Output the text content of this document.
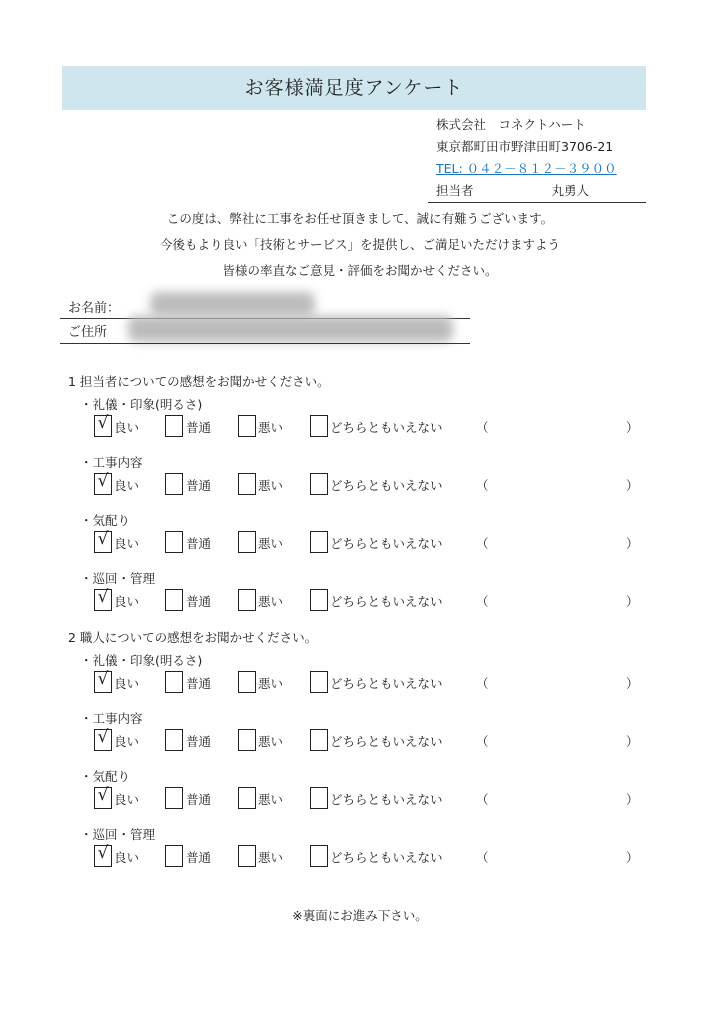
お客様満足度アンケート
株式会社　コネクトハート
東京都町田市野津田町3706-21
TEL: ０４２－８１２－３９００
担当者	丸勇人
この度は、弊社に工事をお任せ頂きまして、誠に有難うございます。
今後もより良い「技術とサービス」を提供し、ご満足いただけますよう
皆様の率直なご意見・評価をお聞かせください。
お名前：
ご住所
1 担当者についての感想をお聞かせください。
・礼儀・印象(明るさ)
√ 良い	普通	悪い	どちらともいえない	（	）
・工事内容
√ 良い	普通	悪い	どちらともいえない	（	）
・気配り
√ 良い	普通	悪い	どちらともいえない	（	）
・巡回・管理
√ 良い	普通	悪い	どちらともいえない	（	）
2 職人についての感想をお聞かせください。
・礼儀・印象(明るさ)
√ 良い	普通	悪い	どちらともいえない	（	）
・工事内容
√ 良い	普通	悪い	どちらともいえない	（	）
・気配り
√ 良い	普通	悪い	どちらともいえない	（	）
・巡回・管理
√ 良い	普通	悪い	どちらともいえない	（	）
※裏面にお進み下さい。
